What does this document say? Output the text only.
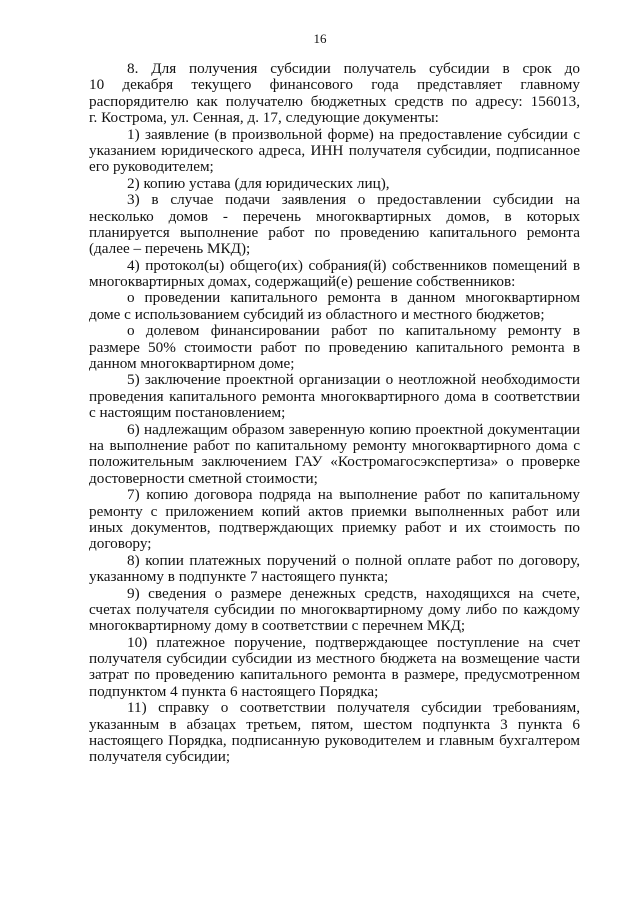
16
8. Для получения субсидии получатель субсидии в срок до
10 декабря текущего финансового года представляет главному
распорядителю как получателю бюджетных средств по адресу: 156013,
г. Кострома, ул. Сенная, д. 17, следующие документы:
1) заявление (в произвольной форме) на предоставление субсидии с
указанием юридического адреса, ИНН получателя субсидии, подписанное
его руководителем;
2) копию устава (для юридических лиц),
3) в случае подачи заявления о предоставлении субсидии на
несколько домов - перечень многоквартирных домов, в которых
планируется выполнение работ по проведению капитального ремонта
(далее – перечень МКД);
4) протокол(ы) общего(их) собрания(й) собственников помещений в
многоквартирных домах, содержащий(е) решение собственников:
о проведении капитального ремонта в данном многоквартирном
доме с использованием субсидий из областного и местного бюджетов;
о долевом финансировании работ по капитальному ремонту в
размере 50% стоимости работ по проведению капитального ремонта в
данном многоквартирном доме;
5) заключение проектной организации о неотложной необходимости
проведения капитального ремонта многоквартирного дома в соответствии
с настоящим постановлением;
6) надлежащим образом заверенную копию проектной документации
на выполнение работ по капитальному ремонту многоквартирного дома с
положительным заключением ГАУ «Костромагосэкспертиза» о проверке
достоверности сметной стоимости;
7) копию договора подряда на выполнение работ по капитальному
ремонту с приложением копий актов приемки выполненных работ или
иных документов, подтверждающих приемку работ и их стоимость по
договору;
8) копии платежных поручений о полной оплате работ по договору,
указанному в подпункте 7 настоящего пункта;
9) сведения о размере денежных средств, находящихся на счете,
счетах получателя субсидии по многоквартирному дому либо по каждому
многоквартирному дому в соответствии с перечнем МКД;
10) платежное поручение, подтверждающее поступление на счет
получателя субсидии субсидии из местного бюджета на возмещение части
затрат по проведению капитального ремонта в размере, предусмотренном
подпунктом 4 пункта 6 настоящего Порядка;
11) справку о соответствии получателя субсидии требованиям,
указанным в абзацах третьем, пятом, шестом подпункта 3 пункта 6
настоящего Порядка, подписанную руководителем и главным бухгалтером
получателя субсидии;
